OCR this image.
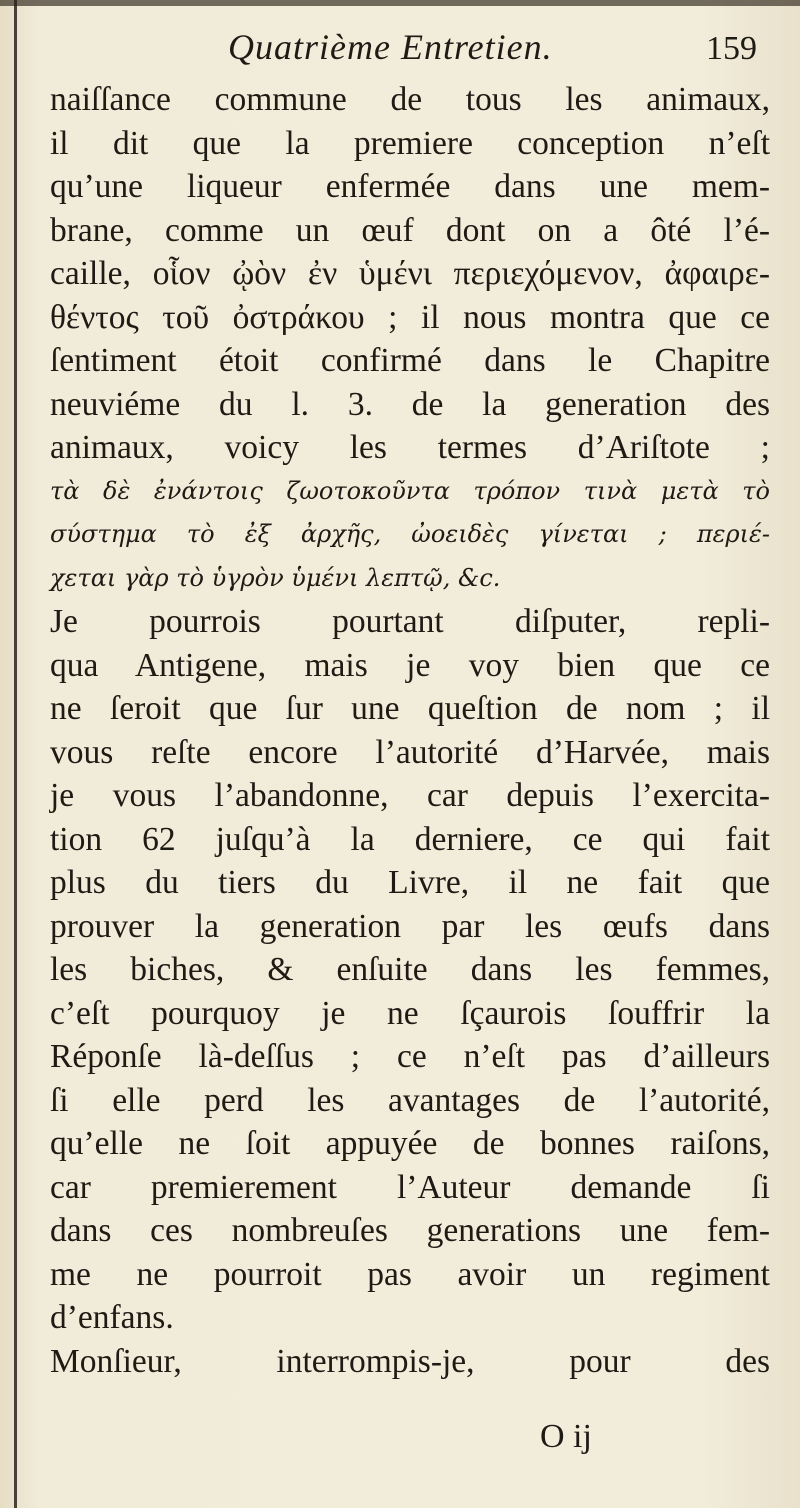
Quatrième Entretien.	159
naiſſance commune de tous les animaux,
il dit que la premiere conception n’eſt
qu’une liqueur enfermée dans une mem-
brane, comme un œuf dont on a ôté l’é-
caille, οἷον ᾠὸν ἐν ὑμένι περιεχόμενον, ἀφαιρε-
θέντος τοῦ ὀστράκου ; il nous montra que ce
ſentiment étoit confirmé dans le Chapitre
neuviéme du l. 3. de la generation des
animaux, voicy les termes d’Ariſtote ;
τὰ δὲ ἐνάντοις ζωοτοκοῦντα τρόπον τινὰ μετὰ τὸ
σύστημα τὸ ἐξ ἀρχῆς, ὠοειδὲς γίνεται ; περιέ-
χεται γὰρ τὸ ὑγρὸν ὑμένι λεπτῷ, &c.
Je pourrois pourtant diſputer, repli-
qua Antigene, mais je voy bien que ce
ne ſeroit que ſur une queſtion de nom ; il
vous reſte encore l’autorité d’Harvée, mais
je vous l’abandonne, car depuis l’exercita-
tion 62 juſqu’à la derniere, ce qui fait
plus du tiers du Livre, il ne fait que
prouver la generation par les œufs dans
les biches, & enſuite dans les femmes,
c’eſt pourquoy je ne ſçaurois ſouffrir la
Réponſe là-deſſus ; ce n’eſt pas d’ailleurs
ſi elle perd les avantages de l’autorité,
qu’elle ne ſoit appuyée de bonnes raiſons,
car premierement l’Auteur demande ſi
dans ces nombreuſes generations une fem-
me ne pourroit pas avoir un regiment
d’enfans.
Monſieur, interrompis-je, pour des
O ij
